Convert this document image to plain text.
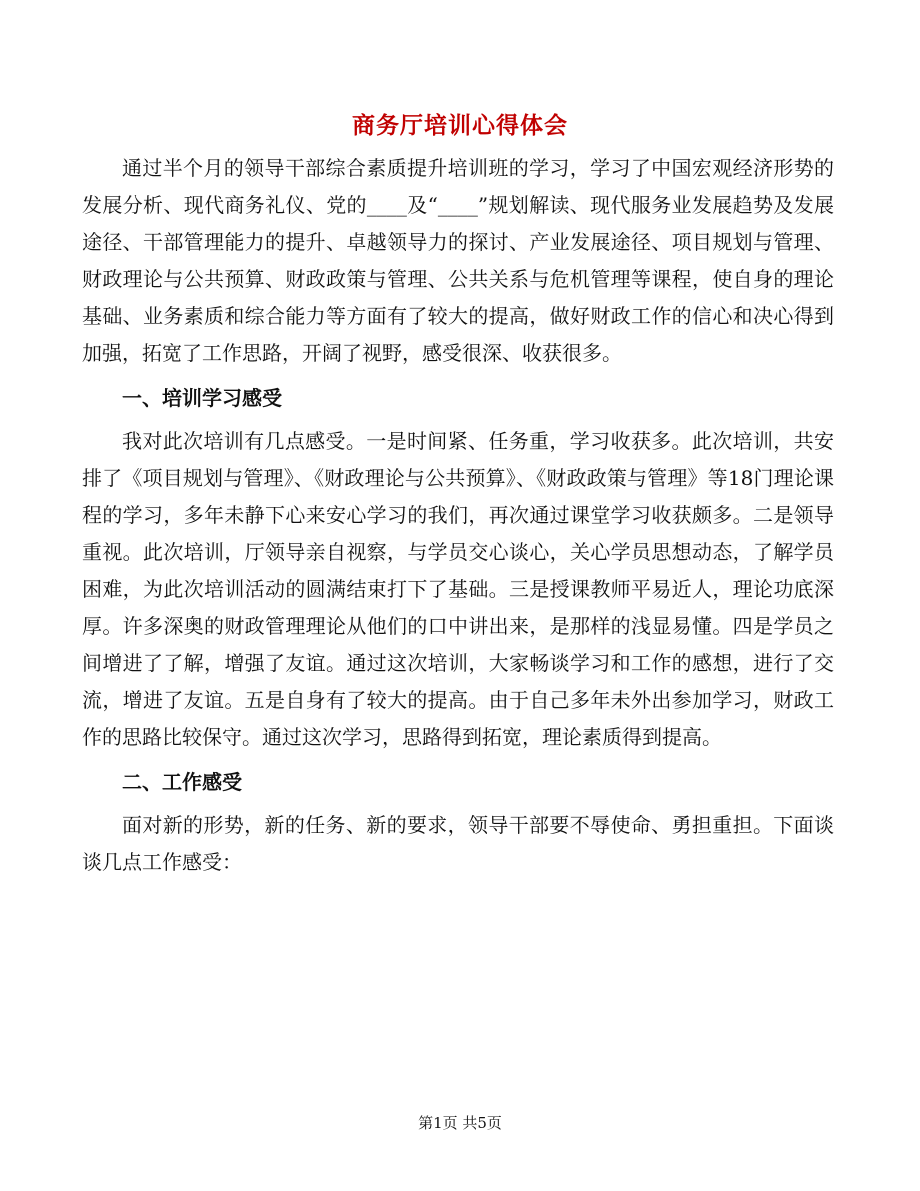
商务厅培训心得体会

通过半个月的领导干部综合素质提升培训班的学习，学习了中国宏观经济形势的发展分析、现代商务礼仪、党的____及“____”规划解读、现代服务业发展趋势及发展途径、干部管理能力的提升、卓越领导力的探讨、产业发展途径、项目规划与管理、财政理论与公共预算、财政政策与管理、公共关系与危机管理等课程，使自身的理论基础、业务素质和综合能力等方面有了较大的提高，做好财政工作的信心和决心得到加强，拓宽了工作思路，开阔了视野，感受很深、收获很多。

一、培训学习感受

我对此次培训有几点感受。一是时间紧、任务重，学习收获多。此次培训，共安排了《项目规划与管理》、《财政理论与公共预算》、《财政政策与管理》等18门理论课程的学习，多年未静下心来安心学习的我们，再次通过课堂学习收获颇多。二是领导重视。此次培训，厅领导亲自视察，与学员交心谈心，关心学员思想动态，了解学员困难，为此次培训活动的圆满结束打下了基础。三是授课教师平易近人，理论功底深厚。许多深奥的财政管理理论从他们的口中讲出来，是那样的浅显易懂。四是学员之间增进了了解，增强了友谊。通过这次培训，大家畅谈学习和工作的感想，进行了交流，增进了友谊。五是自身有了较大的提高。由于自己多年未外出参加学习，财政工作的思路比较保守。通过这次学习，思路得到拓宽，理论素质得到提高。

二、工作感受

面对新的形势，新的任务、新的要求，领导干部要不辱使命、勇担重担。下面谈谈几点工作感受：

第1页 共5页
